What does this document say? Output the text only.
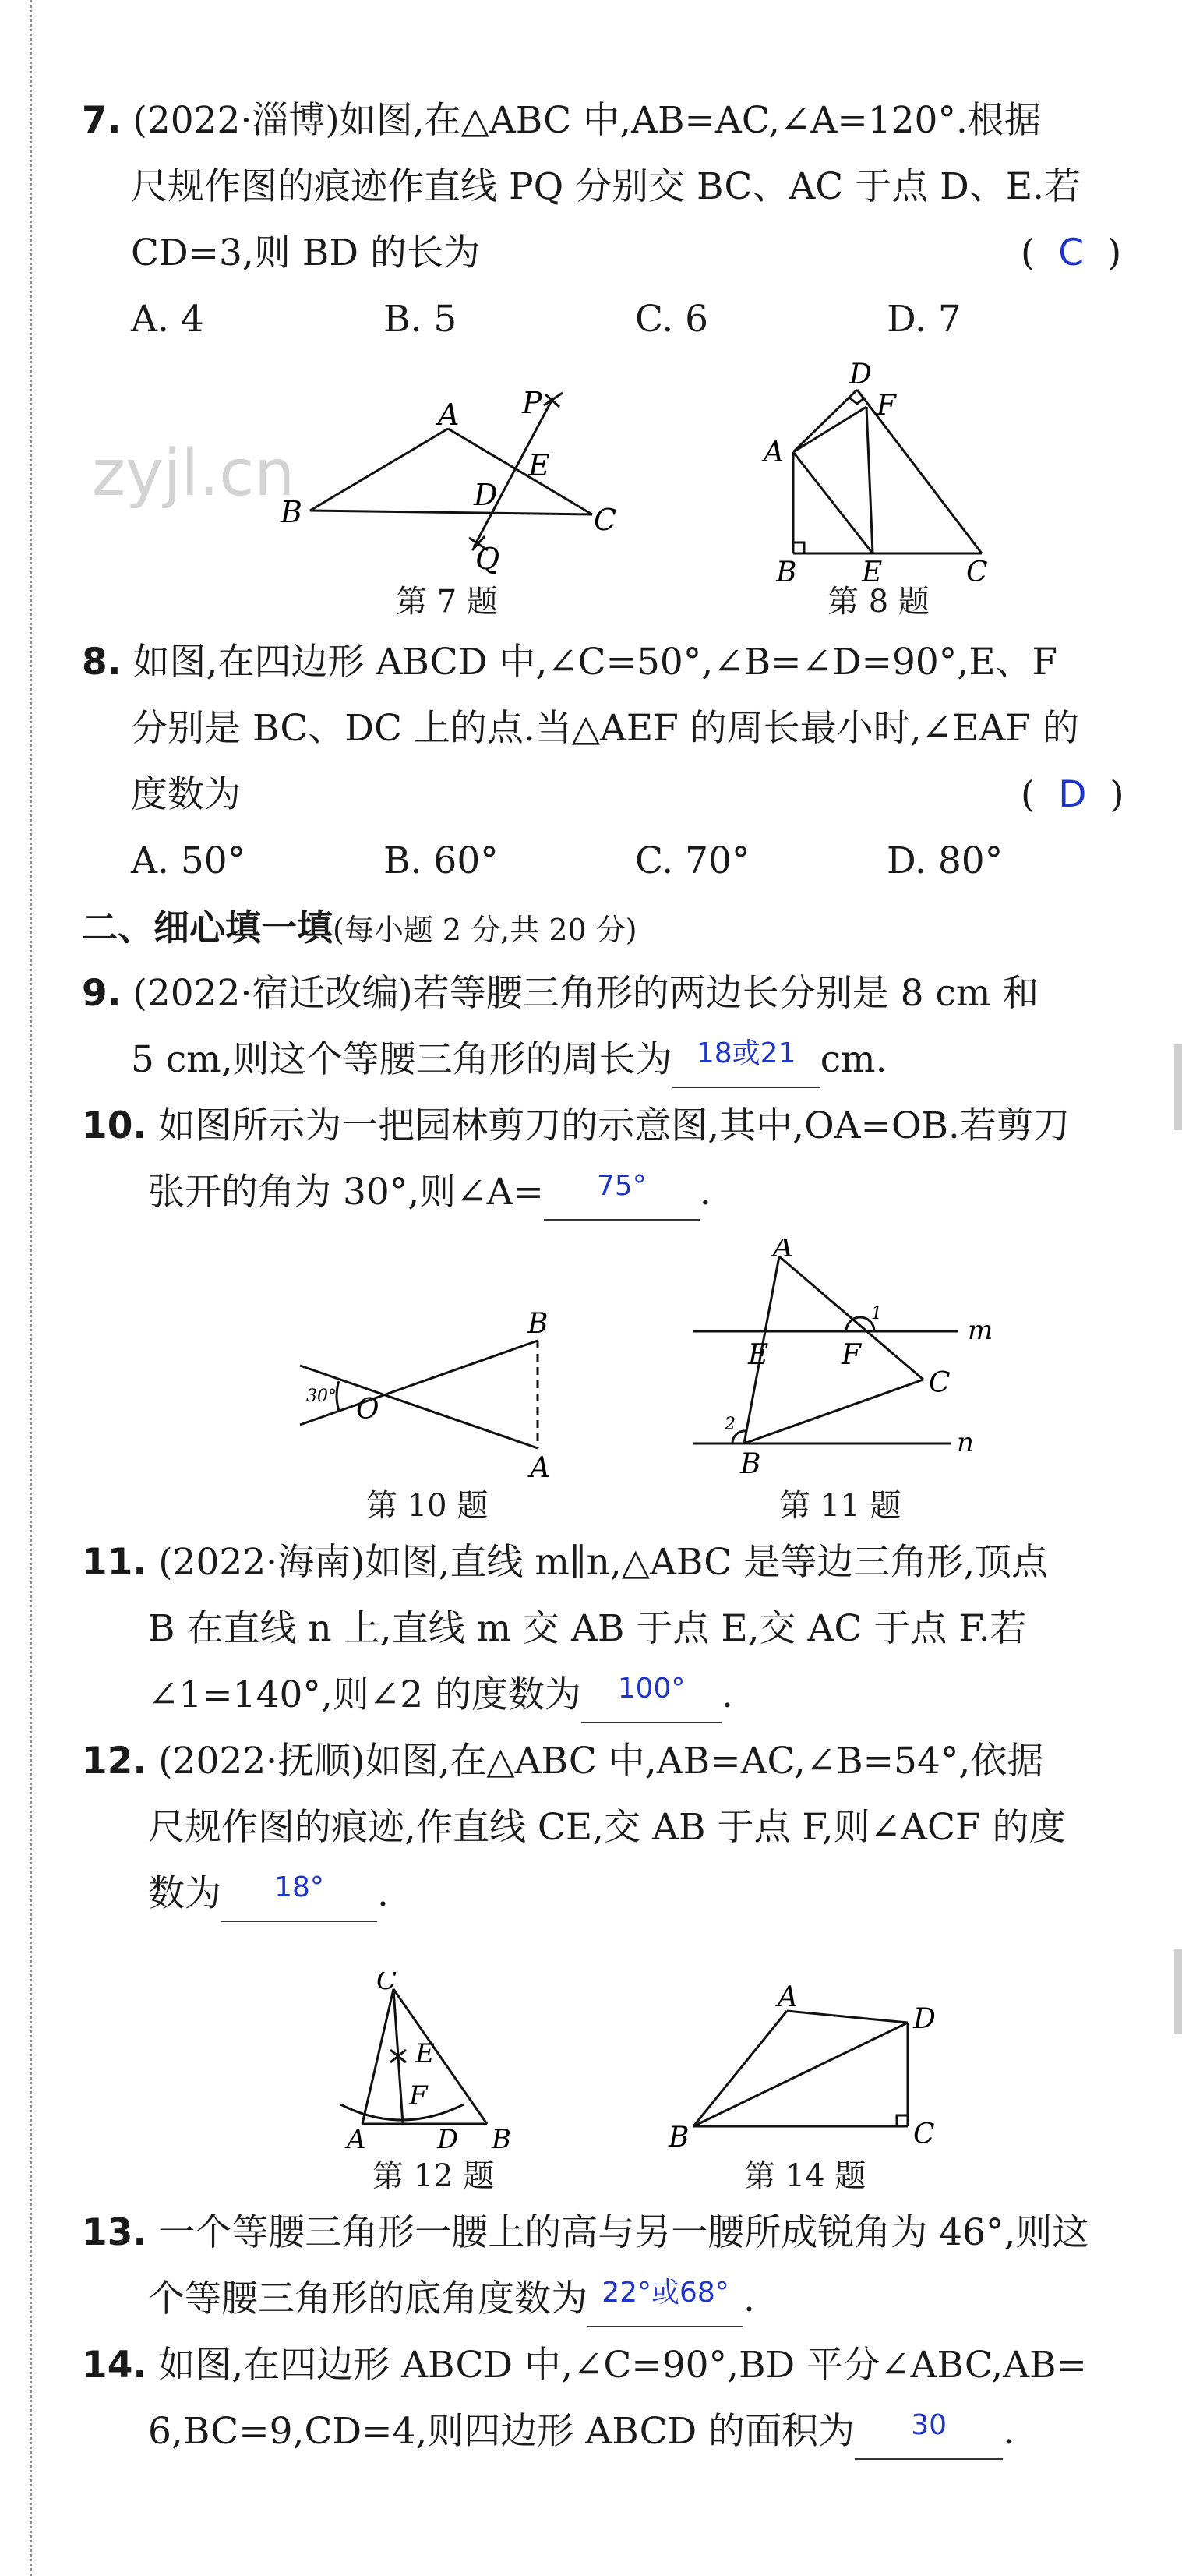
7. (2022·淄博)如图,在△ABC 中,AB=AC,∠A=120°.根据
尺规作图的痕迹作直线 PQ 分别交 BC、AC 于点 D、E.若
CD=3,则 BD 的长为	(  C  )
A. 4	B. 5	C. 6	D. 7
zyjl.cn
A P
E
D
B	C
Q
第 7 题
D
F
A
B E	C
第 8 题
8. 如图,在四边形 ABCD 中,∠C=50°,∠B=∠D=90°,E、F
分别是 BC、DC 上的点.当△AEF 的周长最小时,∠EAF 的
度数为	(  D  )
A. 50°	B. 60°	C. 70°	D. 80°
二、细心填一填(每小题 2 分,共 20 分)
9. (2022·宿迁改编)若等腰三角形的两边长分别是 8 cm 和
5 cm,则这个等腰三角形的周长为 $^{18或21}$ cm.
10. 如图所示为一把园林剪刀的示意图,其中,OA=OB.若剪刀
张开的角为 30°,则∠A= $^{75^\circ}$ .
B
O
A
30°
第 10 题
A
m
E	F
C
B
n
1
2
第 11 题
11. (2022·海南)如图,直线 m∥n,△ABC 是等边三角形,顶点
B 在直线 n 上,直线 m 交 AB 于点 E,交 AC 于点 F.若
∠1=140°,则∠2 的度数为 $^{100^\circ}$ .
12. (2022·抚顺)如图,在△ABC 中,AB=AC,∠B=54°,依据
尺规作图的痕迹,作直线 CE,交 AB 于点 F,则∠ACF 的度
数为 $^{18^\circ}$ .
C
E
F
A	D B
第 12 题
A
D
B	C
第 14 题
13. 一个等腰三角形一腰上的高与另一腰所成锐角为 46°,则这
个等腰三角形的底角度数为 $^{22^\circ 或68^\circ}$ .
14. 如图,在四边形 ABCD 中,∠C=90°,BD 平分∠ABC,AB=
6,BC=9,CD=4,则四边形 ABCD 的面积为 $^{30}$ .
